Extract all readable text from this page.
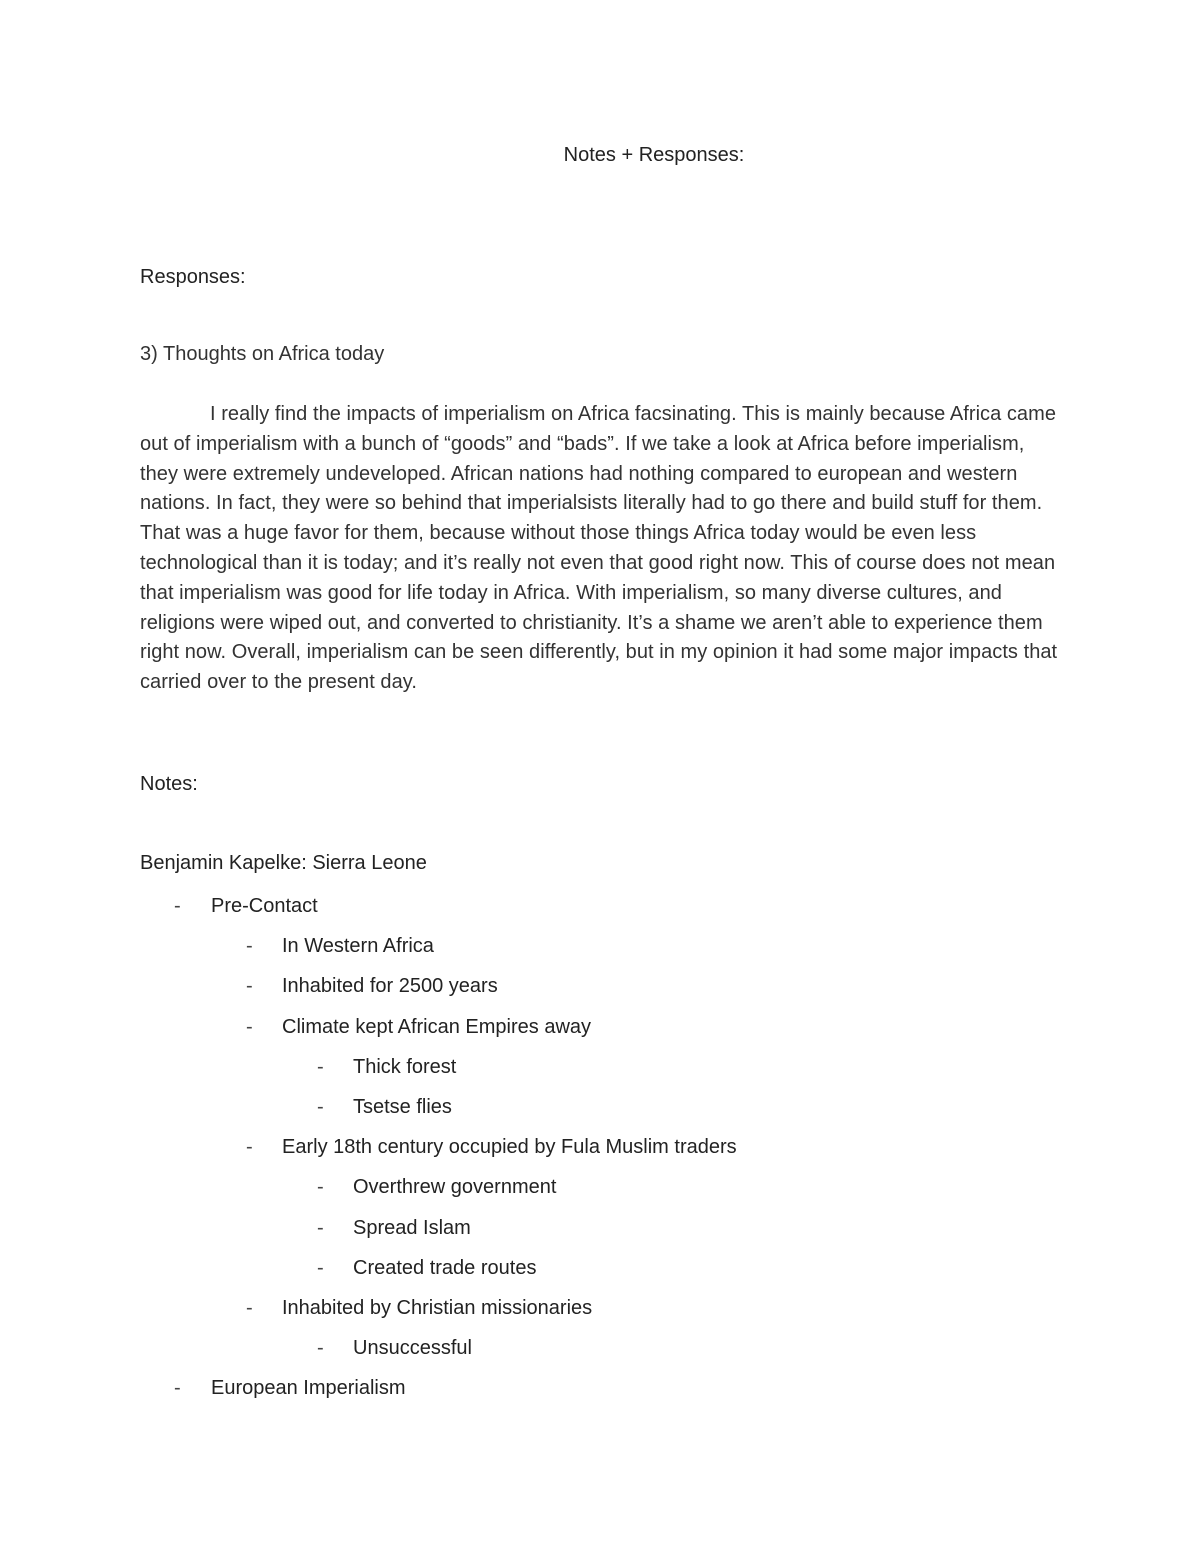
Notes + Responses:
Responses:
3) Thoughts on Africa today
I really find the impacts of imperialism on Africa facsinating. This is mainly because Africa came out of imperialism with a bunch of “goods” and “bads”. If we take a look at Africa before imperialism, they were extremely undeveloped. African nations had nothing compared to european and western nations. In fact, they were so behind that imperialsists literally had to go there and build stuff for them. That was a huge favor for them, because without those things Africa today would be even less technological than it is today; and it’s really not even that good right now. This of course does not mean that imperialism was good for life today in Africa. With imperialism, so many diverse cultures, and religions were wiped out, and converted to christianity. It’s a shame we aren’t able to experience them right now. Overall, imperialism can be seen differently, but in my opinion it had some major impacts that carried over to the present day.
Notes:
Benjamin Kapelke: Sierra Leone
- Pre-Contact
- In Western Africa
- Inhabited for 2500 years
- Climate kept African Empires away
- Thick forest
- Tsetse flies
- Early 18th century occupied by Fula Muslim traders
- Overthrew government
- Spread Islam
- Created trade routes
- Inhabited by Christian missionaries
- Unsuccessful
- European Imperialism
